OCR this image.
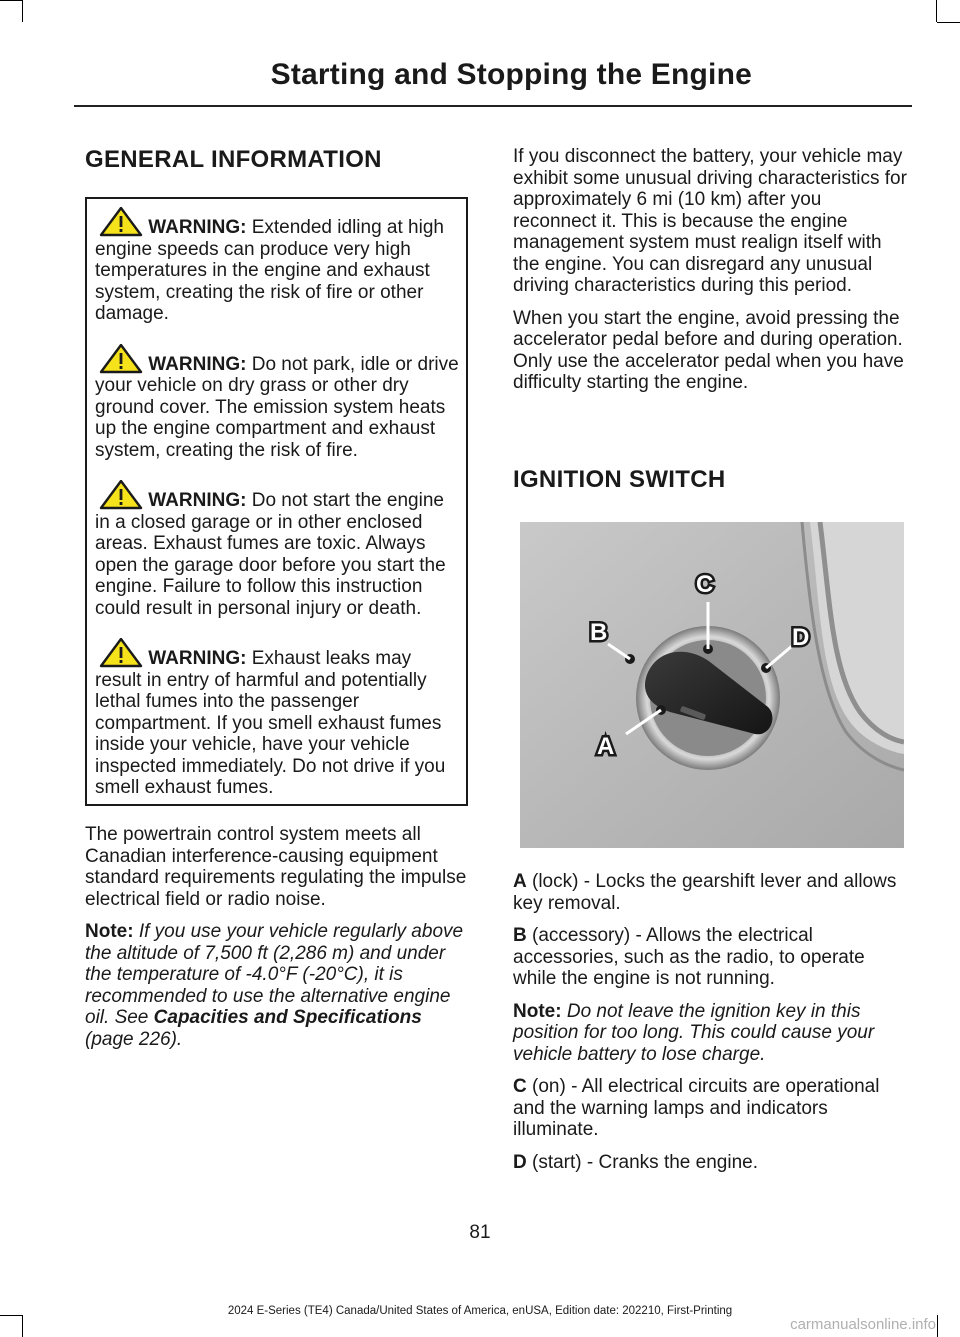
Starting and Stopping the Engine
GENERAL INFORMATION
WARNING: Extended idling at high engine speeds can produce very high temperatures in the engine and exhaust system, creating the risk of fire or other damage.
WARNING: Do not park, idle or drive your vehicle on dry grass or other dry ground cover. The emission system heats up the engine compartment and exhaust system, creating the risk of fire.
WARNING: Do not start the engine in a closed garage or in other enclosed areas. Exhaust fumes are toxic. Always open the garage door before you start the engine. Failure to follow this instruction could result in personal injury or death.
WARNING: Exhaust leaks may result in entry of harmful and potentially lethal fumes into the passenger compartment. If you smell exhaust fumes inside your vehicle, have your vehicle inspected immediately. Do not drive if you smell exhaust fumes.

The powertrain control system meets all Canadian interference-causing equipment standard requirements regulating the impulse electrical field or radio noise.

Note: If you use your vehicle regularly above the altitude of 7,500 ft (2,286 m) and under the temperature of -4.0°F (-20°C), it is recommended to use the alternative engine oil. See Capacities and Specifications (page 226).

If you disconnect the battery, your vehicle may exhibit some unusual driving characteristics for approximately 6 mi (10 km) after you reconnect it. This is because the engine management system must realign itself with the engine. You can disregard any unusual driving characteristics during this period.

When you start the engine, avoid pressing the accelerator pedal before and during operation. Only use the accelerator pedal when you have difficulty starting the engine.

IGNITION SWITCH
B
C
D
A

A (lock) - Locks the gearshift lever and allows key removal.

B (accessory) - Allows the electrical accessories, such as the radio, to operate while the engine is not running.

Note: Do not leave the ignition key in this position for too long. This could cause your vehicle battery to lose charge.

C (on) - All electrical circuits are operational and the warning lamps and indicators illuminate.

D (start) - Cranks the engine.

81
2024 E-Series (TE4) Canada/United States of America, enUSA, Edition date: 202210, First-Printing
carmanualsonline.info
